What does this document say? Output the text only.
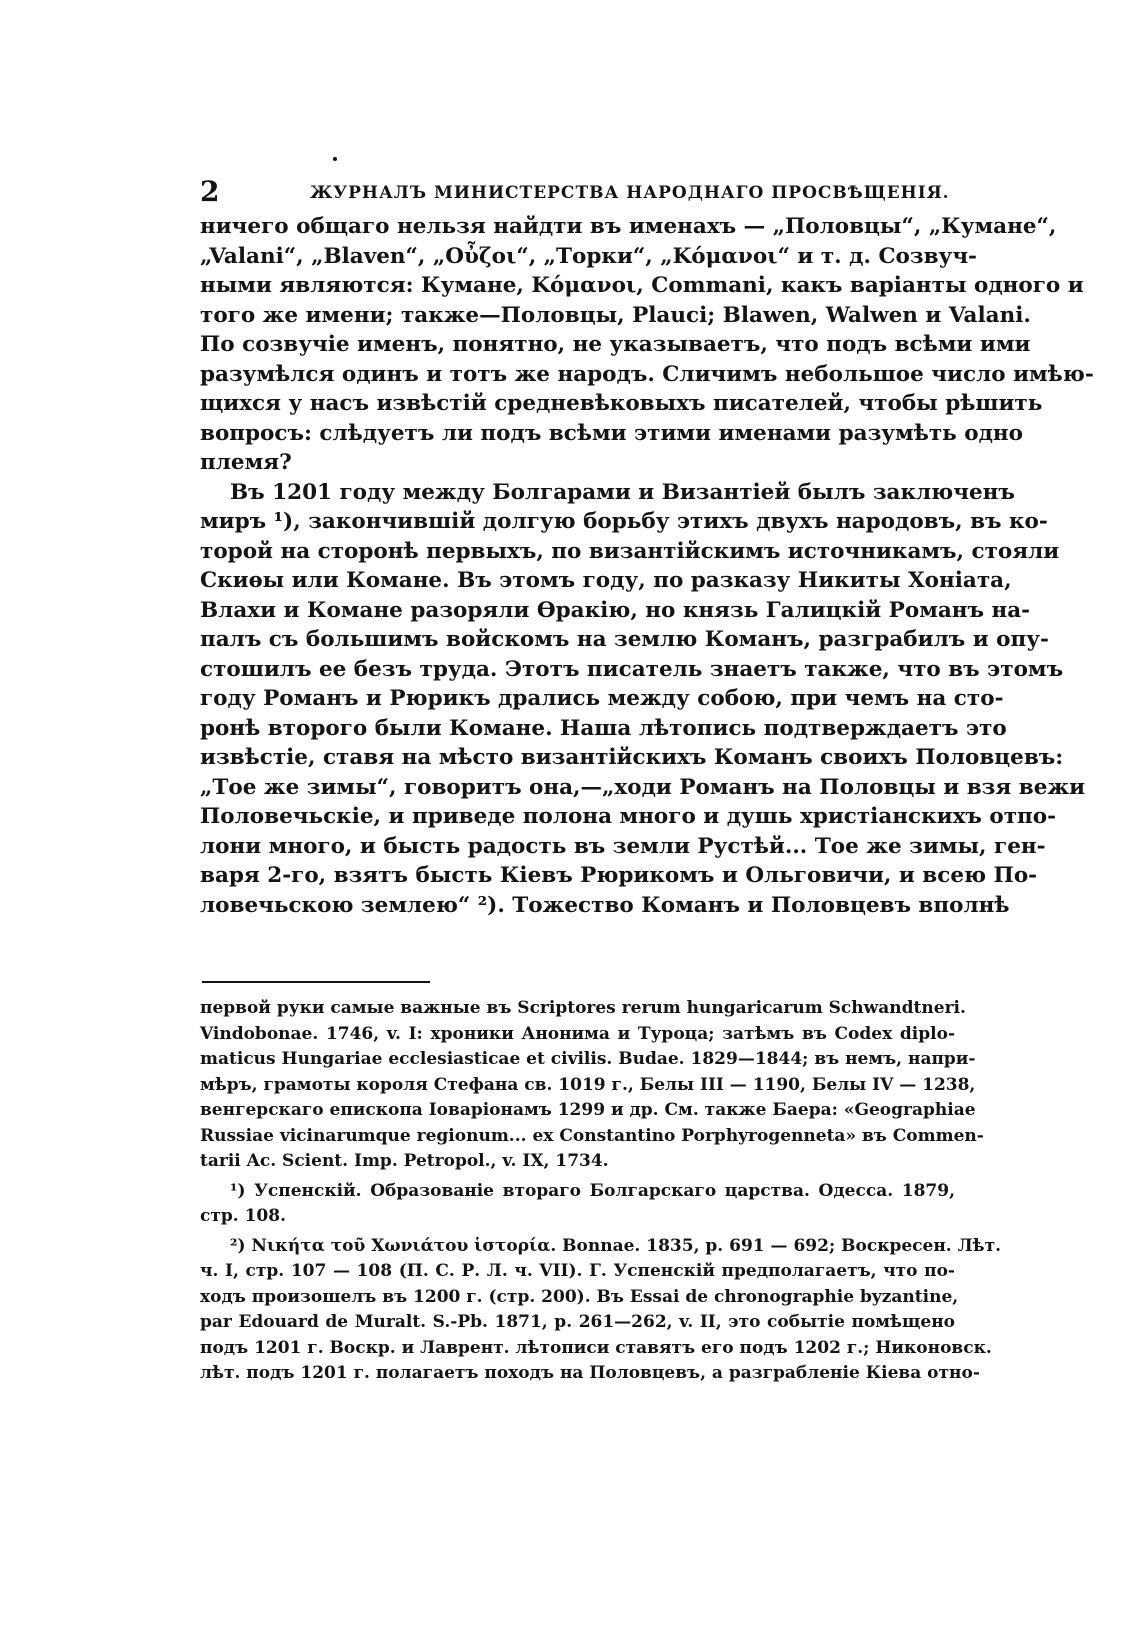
2	ЖУРНАЛЪ МИНИСТЕРСТВА НАРОДНАГО ПРОСВѢЩЕНІЯ.
ничего общаго нельзя найдти въ именахъ — „Половцы“, „Кумане“,
„Valani“, „Blaven“, „Οὖζοι“, „Торки“, „Κόμανοι“ и т. д. Созвуч-
ными являются: Кумане, Κόμανοι, Commani, какъ варіанты одного и
того же имени; также—Половцы, Plauci; Blawen, Walwen и Valani.
По созвучіе именъ, понятно, не указываетъ, что подъ всѣми ими
разумѣлся одинъ и тотъ же народъ. Сличимъ небольшое число имѣю-
щихся у насъ извѣстій средневѣковыхъ писателей, чтобы рѣшить
вопросъ: слѣдуетъ ли подъ всѣми этими именами разумѣть одно
племя?
Въ 1201 году между Болгарами и Византіей былъ заключенъ
миръ ¹), закончившій долгую борьбу этихъ двухъ народовъ, въ ко-
торой на сторонѣ первыхъ, по византійскимъ источникамъ, стояли
Скиѳы или Комане. Въ этомъ году, по разказу Никиты Хоніата,
Влахи и Комане разоряли Ѳракію, но князь Галицкій Романъ на-
палъ съ большимъ войскомъ на землю Команъ, разграбилъ и опу-
стошилъ ее безъ труда. Этотъ писатель знаетъ также, что въ этомъ
году Романъ и Рюрикъ дрались между собою, при чемъ на сто-
ронѣ второго были Комане. Наша лѣтопись подтверждаетъ это
извѣстіе, ставя на мѣсто византійскихъ Команъ своихъ Половцевъ:
„Тое же зимы“, говоритъ она,—„ходи Романъ на Половцы и взя вежи
Половечьскіе, и приведе полона много и душь христіанскихъ отпо-
лони много, и бысть радость въ земли Рустѣй... Тое же зимы, ген-
варя 2-го, взятъ бысть Кіевъ Рюрикомъ и Ольговичи, и всею По-
ловечьскою землею“ ²). Тожество Команъ и Половцевъ вполнѣ
первой руки самые важные въ Scriptores rerum hungaricarum Schwandtneri.
Vindobonae. 1746, v. I: хроники Анонима и Туроца; затѣмъ въ Codex diplo-
maticus Hungariae ecclesiasticae et civilis. Budae. 1829—1844; въ немъ, напри-
мѣръ, грамоты короля Стефана св. 1019 г., Белы III — 1190, Белы IV — 1238,
венгерскаго епископа Іоваріонамъ 1299 и др. См. также Баера: «Geographiae
Russiae vicinarumque regionum... ex Constantino Porphyrogenneta» въ Commen-
tarii Ac. Scient. Imp. Petropol., v. IX, 1734.
¹) Успенскій. Образованіе втораго Болгарскаго царства. Одесса. 1879,
стр. 108.
²) Νικήτα τοῦ Χωνιάτου ἱστορία. Bonnae. 1835, p. 691 — 692; Воскресен. Лѣт.
ч. I, стр. 107 — 108 (П. С. Р. Л. ч. VII). Г. Успенскій предполагаетъ, что по-
ходъ произошелъ въ 1200 г. (стр. 200). Въ Essai de chronographie byzantine,
par Edouard de Muralt. S.-Pb. 1871, p. 261—262, v. II, это событіе помѣщено
подъ 1201 г. Воскр. и Лаврент. лѣтописи ставятъ его подъ 1202 г.; Никоновск.
лѣт. подъ 1201 г. полагаетъ походъ на Половцевъ, а разграбленіе Кіева отно-
